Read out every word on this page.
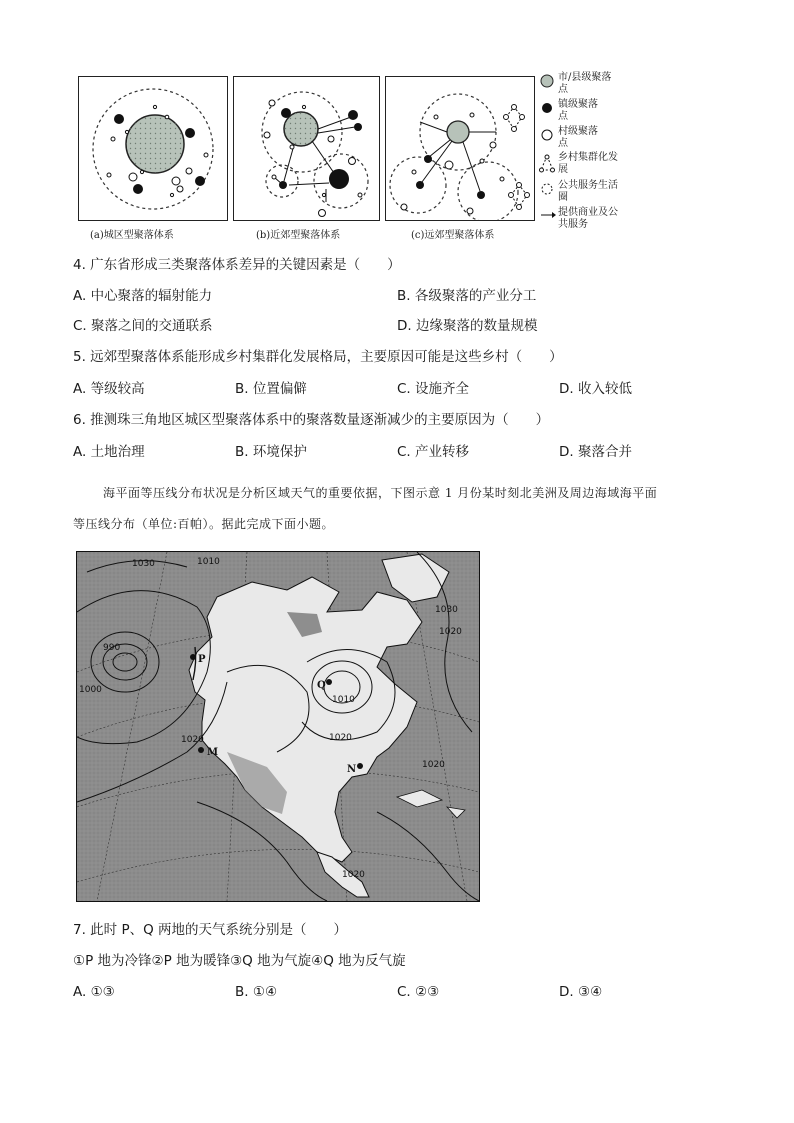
(a)城区型聚落体系	(b)近郊型聚落体系	(c)远郊型聚落体系
市/县级聚落点
镇级聚落点
村级聚落点
乡村集群化发展
公共服务生活圈
提供商业及公共服务
4. 广东省形成三类聚落体系差异的关键因素是（　　）
A. 中心聚落的辐射能力	B. 各级聚落的产业分工
C. 聚落之间的交通联系	D. 边缘聚落的数量规模
5. 远郊型聚落体系能形成乡村集群化发展格局，主要原因可能是这些乡村（　　）
A. 等级较高	B. 位置偏僻	C. 设施齐全	D. 收入较低
6. 推测珠三角地区城区型聚落体系中的聚落数量逐渐减少的主要原因为（　　）
A. 土地治理	B. 环境保护	C. 产业转移	D. 聚落合并
海平面等压线分布状况是分析区域天气的重要依据，下图示意 1 月份某时刻北美洲及周边海域海平面
等压线分布（单位:百帕）。据此完成下面小题。
1030	1010
990
1000
1020
1030
1020
1010
1020
1020
1020
P
Q
M
N
7. 此时 P、Q 两地的天气系统分别是（　　）
①P 地为冷锋②P 地为暖锋③Q 地为气旋④Q 地为反气旋
A. ①③	B. ①④	C. ②③	D. ③④
